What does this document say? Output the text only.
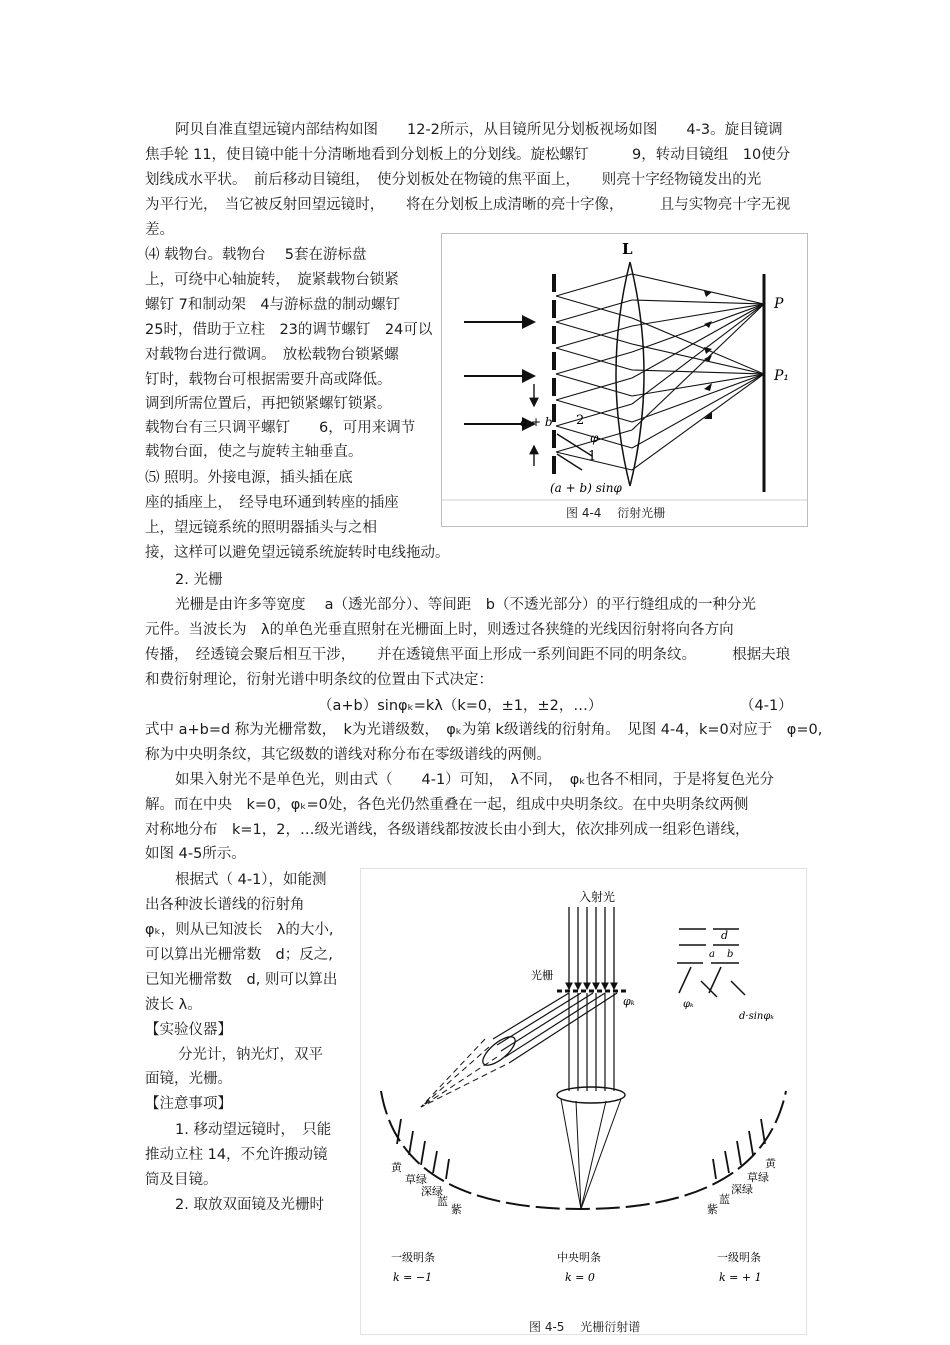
阿贝自准直望远镜内部结构如图　　12-2所示，从目镜所见分划板视场如图　　4-3。旋目镜调
焦手轮 11，使目镜中能十分清晰地看到分划板上的分划线。旋松螺钉　　　9，转动目镜组　10使分
划线成水平状。　前后移动目镜组，　使分划板处在物镜的焦平面上，　　则亮十字经物镜发出的光
为平行光，　当它被反射回望远镜时，　　将在分划板上成清晰的亮十字像，　　　且与实物亮十字无视
差。
⑷ 载物台。载物台　 5套在游标盘
上，可绕中心轴旋转，　旋紧载物台锁紧
螺钉 7和制动架　4与游标盘的制动螺钉
25时，借助于立柱　23的调节螺钉　24可以
对载物台进行微调。　放松载物台锁紧螺
钉时，载物台可根据需要升高或降低。
调到所需位置后，再把锁紧螺钉锁紧。
载物台有三只调平螺钉　　6，可用来调节
载物台面，使之与旋转主轴垂直。
⑸ 照明。外接电源，插头插在底
座的插座上，　经导电环通到转座的插座
上，望远镜系统的照明器插头与之相
接，这样可以避免望远镜系统旋转时电线拖动。
L
P
P₁
a + b 2
φ
1
(a + b) sinφ
图 4-4　 衍射光栅
2. 光栅
光栅是由许多等宽度　 a（透光部分）、等间距　b（不透光部分）的平行缝组成的一种分光
元件。当波长为　λ的单色光垂直照射在光栅面上时，则透过各狭缝的光线因衍射将向各方向
传播，　经透镜会聚后相互干涉，　　并在透镜焦平面上形成一系列间距不同的明条纹。　　　根据夫琅
和费衍射理论，衍射光谱中明条纹的位置由下式决定：
（a+b）sinφₖ=kλ（k=0，±1，±2，…）	（4-1）
式中 a+b=d 称为光栅常数，　k为光谱级数，　φₖ为第 k级谱线的衍射角。　见图 4-4，k=0对应于　φ=0,
称为中央明条纹，其它级数的谱线对称分布在零级谱线的两侧。
如果入射光不是单色光，则由式（　　4-1）可知，　λ不同，　φₖ也各不相同，于是将复色光分
解。而在中央　k=0，φₖ=0处，各色光仍然重叠在一起，组成中央明条纹。在中央明条纹两侧
对称地分布　k=1，2，…级光谱线，各级谱线都按波长由小到大，依次排列成一组彩色谱线，
如图 4-5所示。
根据式（ 4-1），如能测
出各种波长谱线的衍射角
φₖ，则从已知波长　λ的大小,
可以算出光栅常数　d；反之,
已知光栅常数　d, 则可以算出
波长 λ。
【实验仪器】
分光计，钠光灯，双平
面镜，光栅。
【注意事项】
1. 移动望远镜时，　只能
推动立柱 14，不允许搬动镜
筒及目镜。
2. 取放双面镜及光栅时
入射光
光栅
φₖ
d
a b
φₖ
d·sinφₖ
黄
草绿
深绿
蓝
紫	紫
蓝
深绿
草绿
黄
一级明条
k = −1
中央明条
k = 0
一级明条
k = + 1
图 4-5　 光栅衍射谱
